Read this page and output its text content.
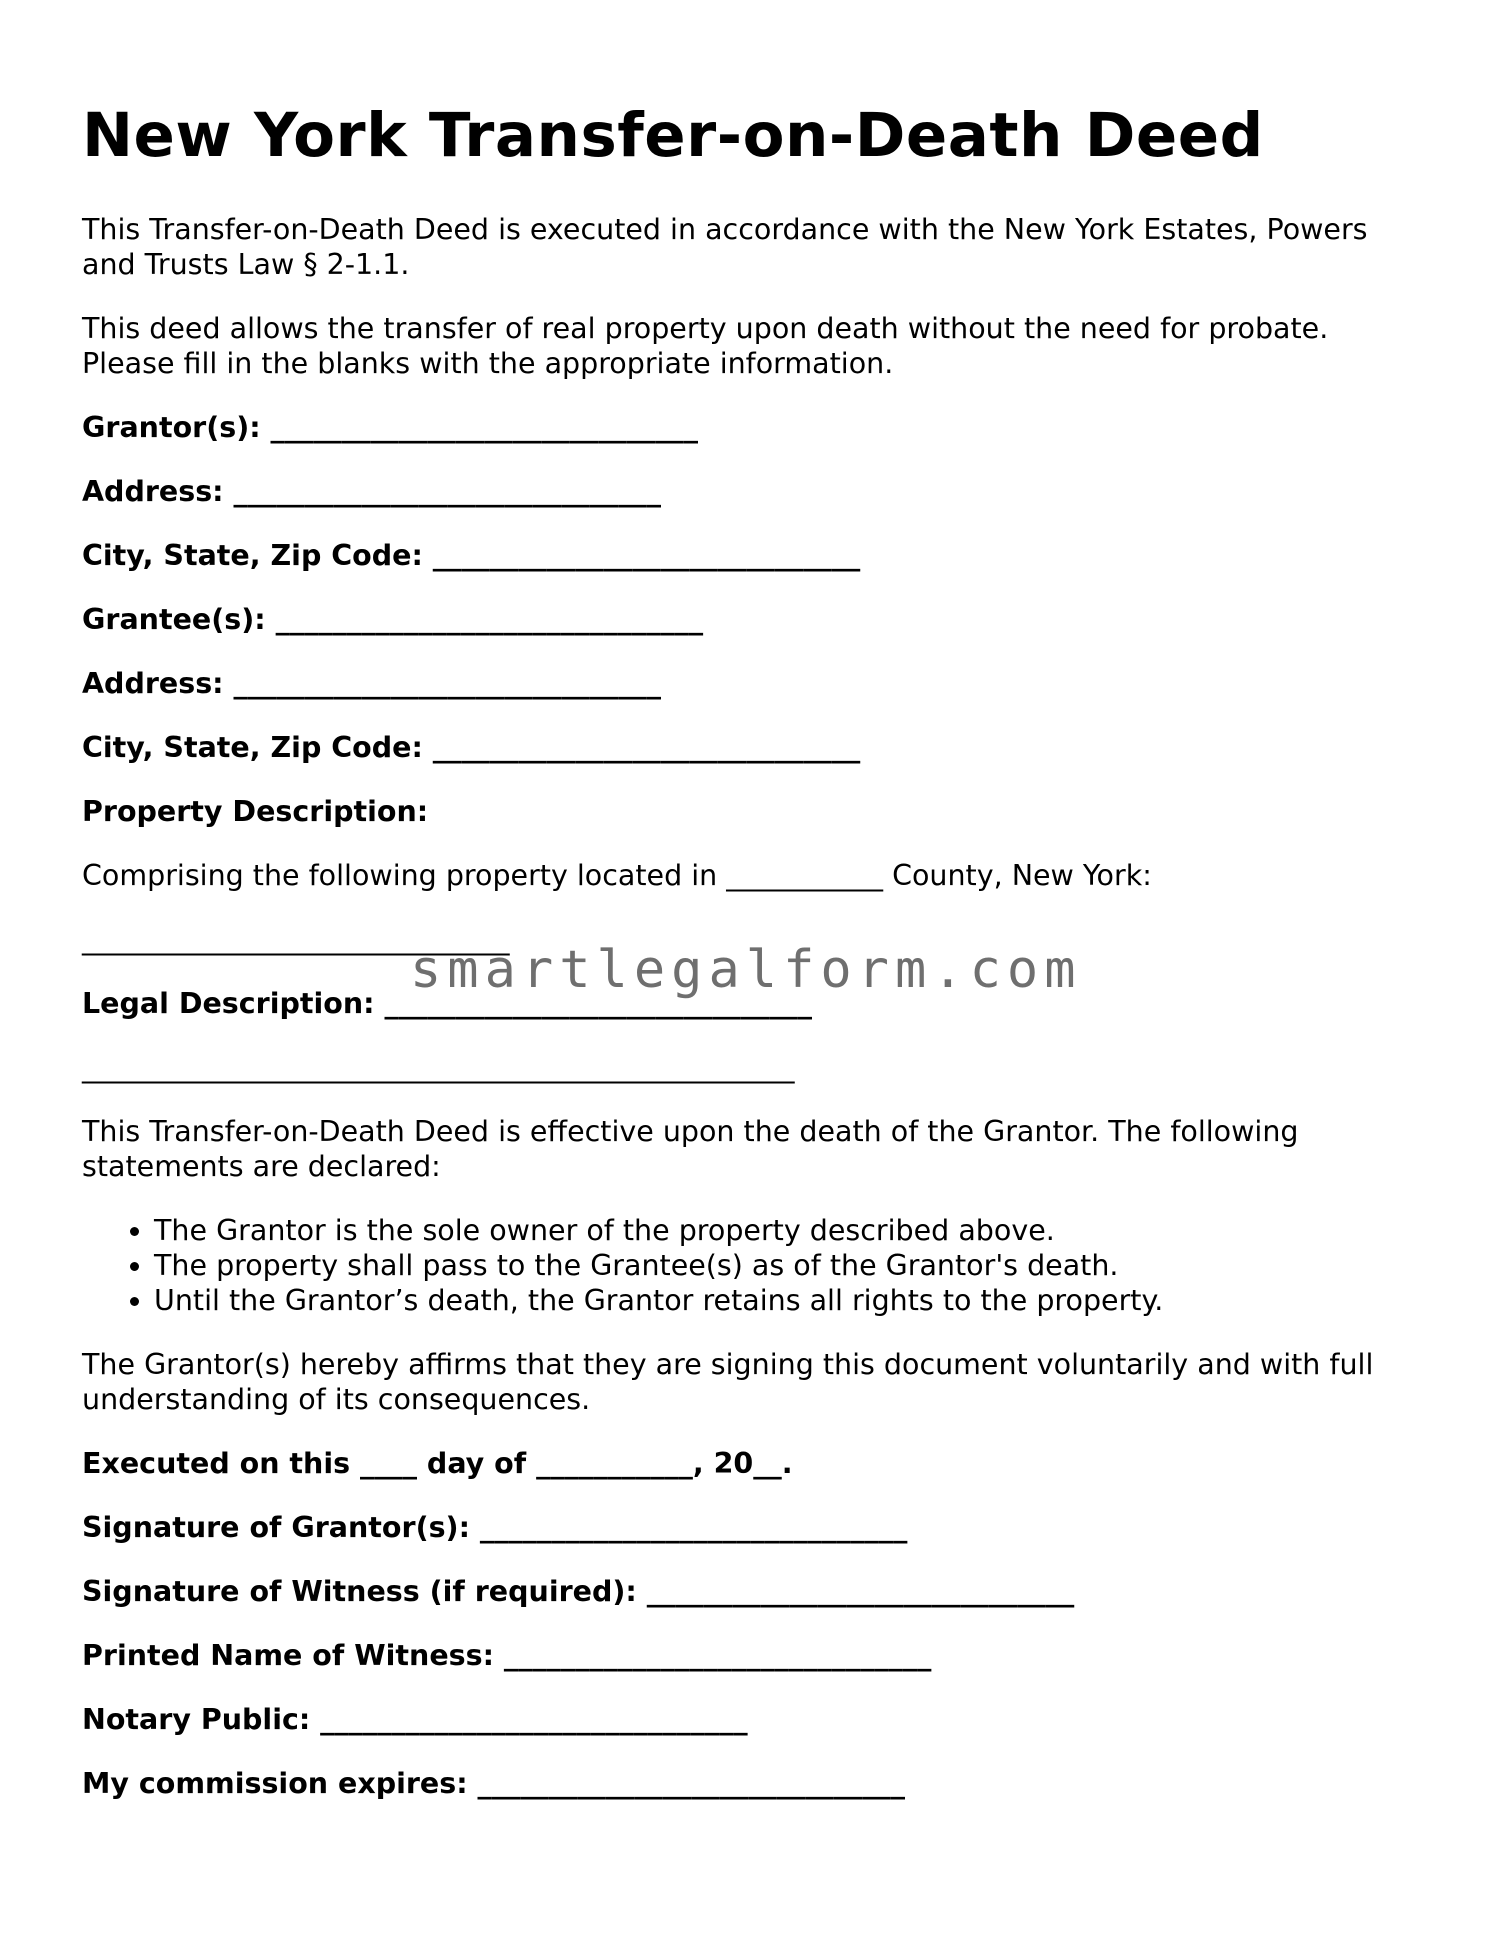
New York Transfer-on-Death Deed

This Transfer-on-Death Deed is executed in accordance with the New York Estates, Powers and Trusts Law § 2-1.1.

This deed allows the transfer of real property upon death without the need for probate. Please fill in the blanks with the appropriate information.

Grantor(s): ______________________________
Address: ______________________________
City, State, Zip Code: ______________________________
Grantee(s): ______________________________
Address: ______________________________
City, State, Zip Code: ______________________________
Property Description:

Comprising the following property located in ___________ County, New York:

______________________________
Legal Description: ______________________________
__________________________________________________

This Transfer-on-Death Deed is effective upon the death of the Grantor. The following statements are declared:

• The Grantor is the sole owner of the property described above.
• The property shall pass to the Grantee(s) as of the Grantor's death.
• Until the Grantor’s death, the Grantor retains all rights to the property.

The Grantor(s) hereby affirms that they are signing this document voluntarily and with full understanding of its consequences.

Executed on this ____ day of ___________, 20__.
Signature of Grantor(s): ______________________________
Signature of Witness (if required): ______________________________
Printed Name of Witness: ______________________________
Notary Public: ______________________________
My commission expires: ______________________________
smartlegalform.com
